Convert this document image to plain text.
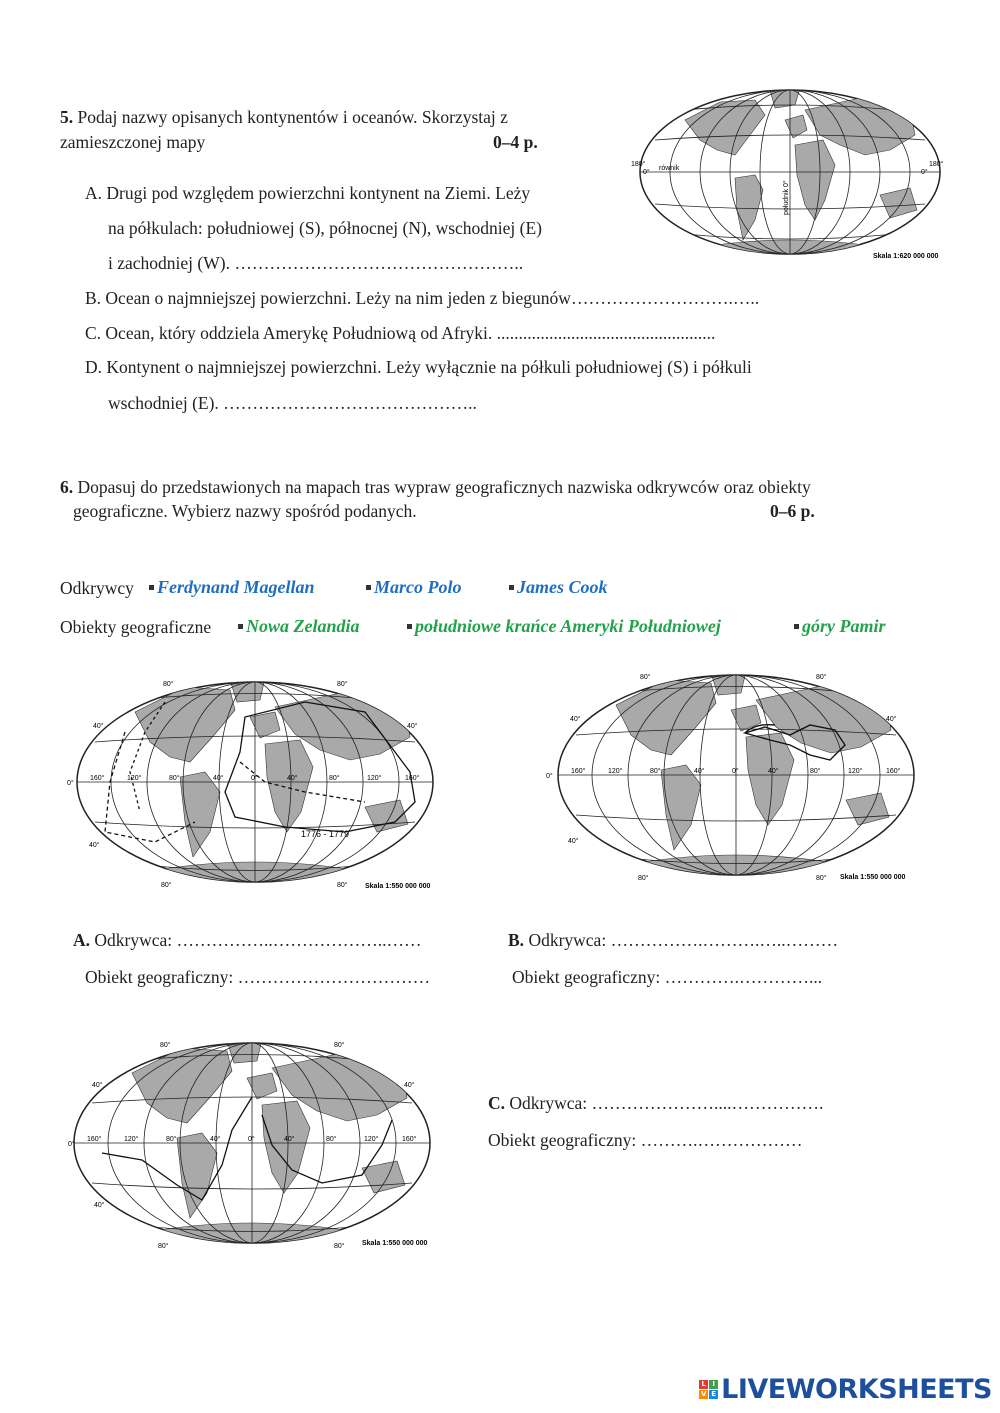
5. Podaj nazwy opisanych kontynentów i oceanów. Skorzystaj z
zamieszczonej mapy	0–4 p.
A. Drugi pod względem powierzchni kontynent na Ziemi. Leży
na półkulach: południowej (S), północnej (N), wschodniej (E)
i zachodniej (W). …………………………………………..
B. Ocean o najmniejszej powierzchni. Leży na nim jeden z biegunów……………………….…..
C. Ocean, który oddziela Amerykę Południową od Afryki. ..................................................
D. Kontynent o najmniejszej powierzchni. Leży wyłącznie na półkuli południowej (S) i półkuli
wschodniej (E). ……………………………………..
180°
0°
równik
180°
0°
południk 0°
Skala 1:620 000 000
6. Dopasuj do przedstawionych na mapach tras wypraw geograficznych nazwiska odkrywców oraz obiekty
geograficzne. Wybierz nazwy spośród podanych.	0–6 p.
Odkrywcy	Ferdynand Magellan	Marco Polo	James Cook
Obiekty geograficzne	Nowa Zelandia	południowe krańce Ameryki Południowej	góry Pamir
80°	80°
40°	40°
0°
160°	120°	80°	40°	0°	40°	80°	120°	160°
1776 - 1779
40°
80°	80° Skala 1:550 000 000
80°	80°
40°	40°
0°
160°	120°	80°	40°	0°	40°	80°	120°	160°
40°
80°	80° Skala 1:550 000 000
A. Odkrywca: ……………..………………..……
Obiekt geograficzny: ……………………………
B. Odkrywca: …………….……….…..………
Obiekt geograficzny: ………….…………...
80°	80°
40°	40°
0°
160°	120°	80°	40°	0°	40°	80°	120°	160°
40°
80°	80° Skala 1:550 000 000
C. Odkrywca: …………………....…………….
Obiekt geograficzny: ……….………………
L I
V E LIVEWORKSHEETS
